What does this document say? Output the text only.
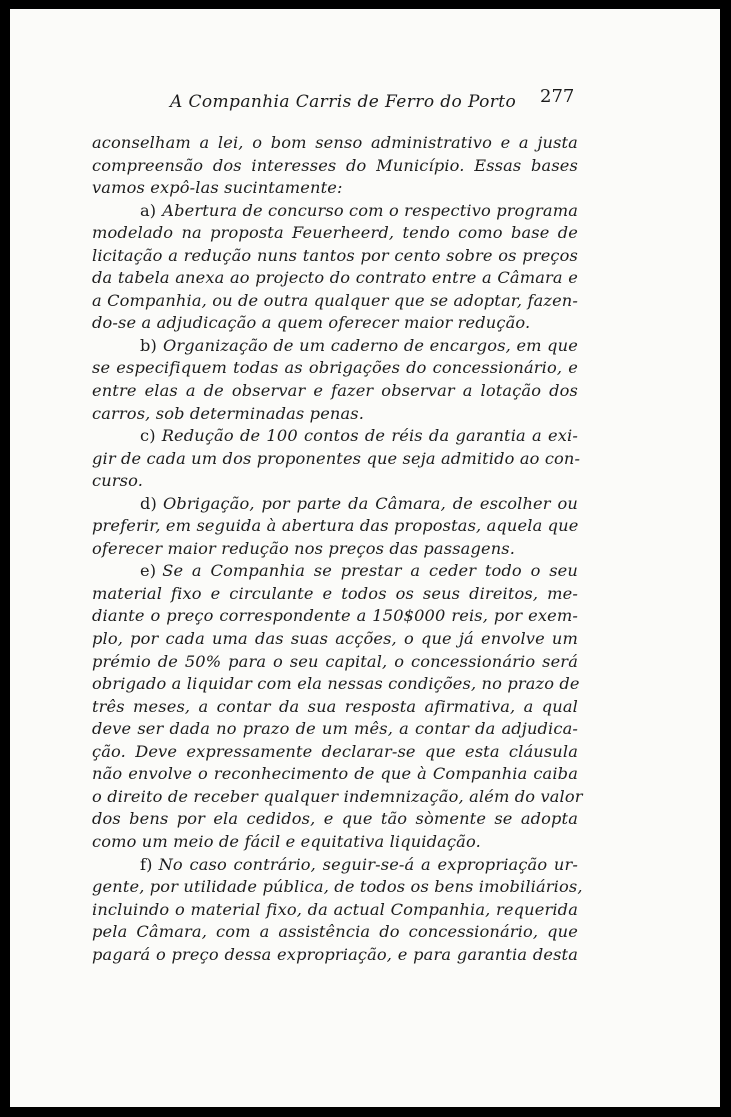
A Companhia Carris de Ferro do Porto 277
aconselham a lei, o bom senso administrativo e a justa
compreensão dos interesses do Município. Essas bases
vamos expô-las sucintamente:
a) Abertura de concurso com o respectivo programa
modelado na proposta Feuerheerd, tendo como base de
licitação a redução nuns tantos por cento sobre os preços
da tabela anexa ao projecto do contrato entre a Câmara e
a Companhia, ou de outra qualquer que se adoptar, fazen-
do-se a adjudicação a quem oferecer maior redução.
b) Organização de um caderno de encargos, em que
se especifiquem todas as obrigações do concessionário, e
entre elas a de observar e fazer observar a lotação dos
carros, sob determinadas penas.
c) Redução de 100 contos de réis da garantia a exi-
gir de cada um dos proponentes que seja admitido ao con-
curso.
d) Obrigação, por parte da Câmara, de escolher ou
preferir, em seguida à abertura das propostas, aquela que
oferecer maior redução nos preços das passagens.
e) Se a Companhia se prestar a ceder todo o seu
material fixo e circulante e todos os seus direitos, me-
diante o preço correspondente a 150$000 reis, por exem-
plo, por cada uma das suas acções, o que já envolve um
prémio de 50% para o seu capital, o concessionário será
obrigado a liquidar com ela nessas condições, no prazo de
três meses, a contar da sua resposta afirmativa, a qual
deve ser dada no prazo de um mês, a contar da adjudica-
ção. Deve expressamente declarar-se que esta cláusula
não envolve o reconhecimento de que à Companhia caiba
o direito de receber qualquer indemnização, além do valor
dos bens por ela cedidos, e que tão sòmente se adopta
como um meio de fácil e equitativa liquidação.
f) No caso contrário, seguir-se-á a expropriação ur-
gente, por utilidade pública, de todos os bens imobiliários,
incluindo o material fixo, da actual Companhia, requerida
pela Câmara, com a assistência do concessionário, que
pagará o preço dessa expropriação, e para garantia desta
